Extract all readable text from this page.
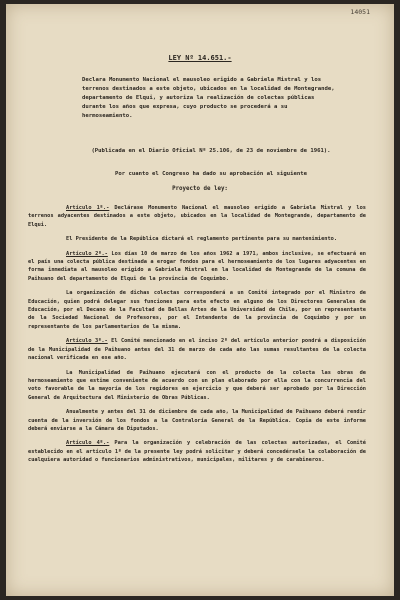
14051
LEY Nº 14.651.-
Declara Monumento Nacional el mausoleo erigido a Gabriela Mistral y los terrenos destinados a este objeto, ubicados en la localidad de Montegrande, departamento de Elqui, y autoriza la realización de colectas públicas durante los años que expresa, cuyo producto se procederá a su hermoseamiento.
(Publicada en el Diario Oficial Nº 25.106, de 23 de noviembre de 1961).
Por cuanto el Congreso ha dado su aprobación al siguiente
Proyecto de ley:

Artículo 1º.- Declárase Monumento Nacional el mausoleo erigido a Gabriela Mistral y los terrenos adyacentes destinados a este objeto, ubicados en la localidad de Montegrande, departamento de Elqui.

El Presidente de la República dictará el reglamento pertinente para su mantenimiento.

Artículo 2º.- Los días 10 de marzo de los años 1962 a 1971, ambos inclusive, se efectuará en el país una colecta pública destinada a erogar fondos para el hermoseamiento de los lugares adyacentes en forma inmediata al mausoleo erigido a Gabriela Mistral en la localidad de Montegrande de la comuna de Paihuano del departamento de Elqui de la provincia de Coquimbo.

La organización de dichas colectas corresponderá a un Comité integrado por el Ministro de Educación, quien podrá delegar sus funciones para este efecto en alguno de los Directores Generales de Educación, por el Decano de la Facultad de Bellas Artes de la Universidad de Chile, por un representante de la Sociedad Nacional de Profesores, por el Intendente de la provincia de Coquimbo y por un representante de los parlamentarios de la misma.

Artículo 3º.- El Comité mencionado en el inciso 2º del artículo anterior pondrá a disposición de la Municipalidad de Paihuano antes del 31 de marzo de cada año las sumas resultantes de la colecta nacional verificada en ese año.

La Municipalidad de Paihuano ejecutará con el producto de la colecta las obras de hermoseamiento que estime conveniente de acuerdo con un plan elaborado por ella con la concurrencia del voto favorable de la mayoría de los regidores en ejercicio y que deberá ser aprobado por la Dirección General de Arquitectura del Ministerio de Obras Públicas.

Anualmente y antes del 31 de diciembre de cada año, la Municipalidad de Paihuano deberá rendir cuenta de la inversión de los fondos a la Contraloría General de la República. Copia de este informe deberá enviarse a la Cámara de Diputados.

Artículo 4º.- Para la organización y celebración de las colectas autorizadas, el Comité establecido en el artículo 1º de la presente ley podrá solicitar y deberá concedérsele la colaboración de cualquiera autoridad o funcionarios administrativos, municipales, militares y de carabineros.
